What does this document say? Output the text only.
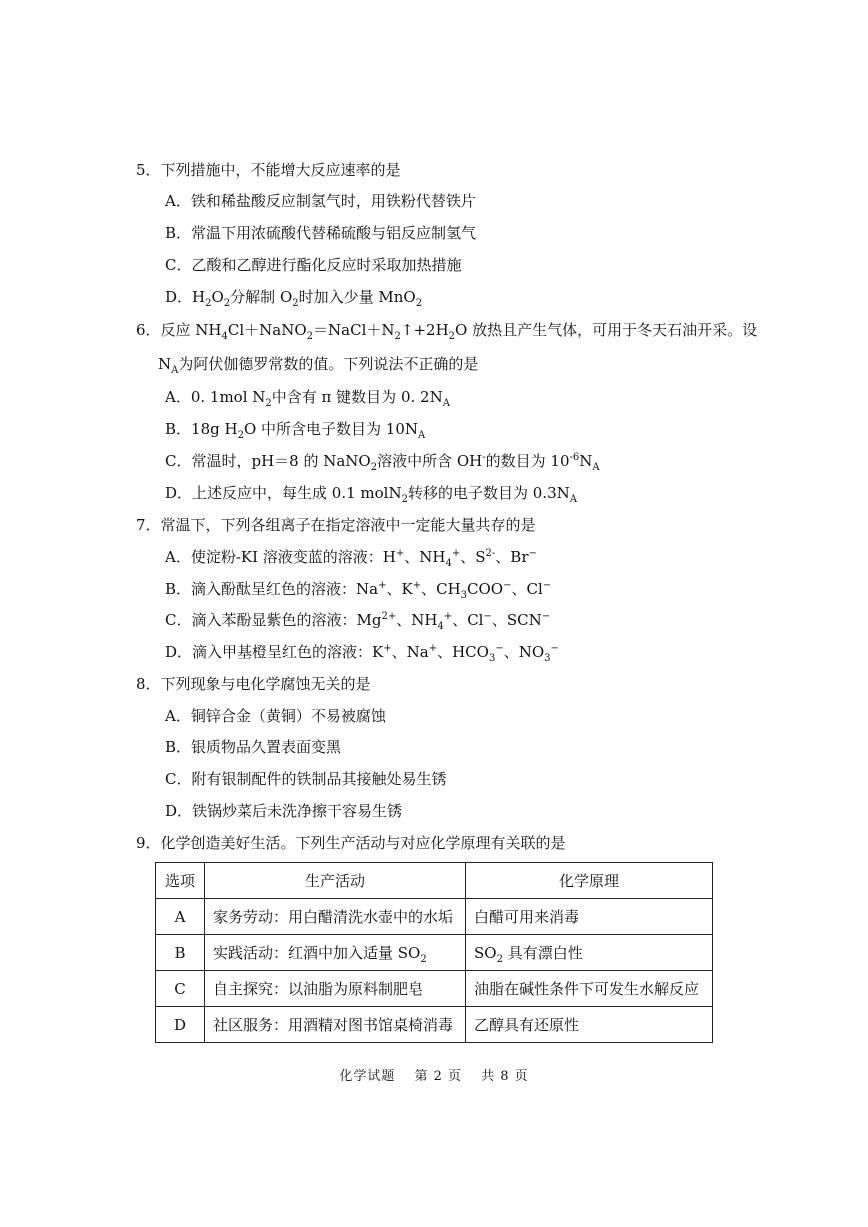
5．下列措施中，不能增大反应速率的是
A．铁和稀盐酸反应制氢气时，用铁粉代替铁片
B．常温下用浓硫酸代替稀硫酸与铝反应制氢气
C．乙酸和乙醇进行酯化反应时采取加热措施
D．$H_2O_2$分解制 $O_2$时加入少量 MnO$_2$
6．反应 $NH_4Cl+NaNO_2=NaCl+N_2↑+2H_2O$ 放热且产生气体，可用于冬天石油开采。设
$N_A$为阿伏伽德罗常数的值。下列说法不正确的是
A．0. 1mol $N_2$中含有 π 键数目为 0. $2N_A$
B．18g $H_2O$ 中所含电子数目为 $10N_A$
C．常温时，pH＝8 的 NaNO$_2$溶液中所含 OH-的数目为 $10^{-6}N_A$
D．上述反应中，每生成 0.1 molN$_2$转移的电子数目为 $0.3N_A$
7．常温下，下列各组离子在指定溶液中一定能大量共存的是
A．使淀粉-KI 溶液变蓝的溶液：H+、$NH_4^+$、$S^{2-}$、Br−
B．滴入酚酞呈红色的溶液：Na+、K+、$CH_3COO^-$、Cl−
C．滴入苯酚显紫色的溶液：$Mg^{2+}$、$NH_4^+$、Cl−、SCN−
D．滴入甲基橙呈红色的溶液：K+、Na+、$HCO_3^-$、$NO_3^-$
8．下列现象与电化学腐蚀无关的是
A．铜锌合金（黄铜）不易被腐蚀
B．银质物品久置表面变黑
C．附有银制配件的铁制品其接触处易生锈
D．铁锅炒菜后未洗净擦干容易生锈
9．化学创造美好生活。下列生产活动与对应化学原理有关联的是
选项	生产活动	化学原理
A	家务劳动：用白醋清洗水壶中的水垢	白醋可用来消毒
B	实践活动：红酒中加入适量 $SO_2$	$SO_2$ 具有漂白性
C	自主探究：以油脂为原料制肥皂	油脂在碱性条件下可发生水解反应
D	社区服务：用酒精对图书馆桌椅消毒	乙醇具有还原性
化学试题　 第 2 页　 共 8 页
